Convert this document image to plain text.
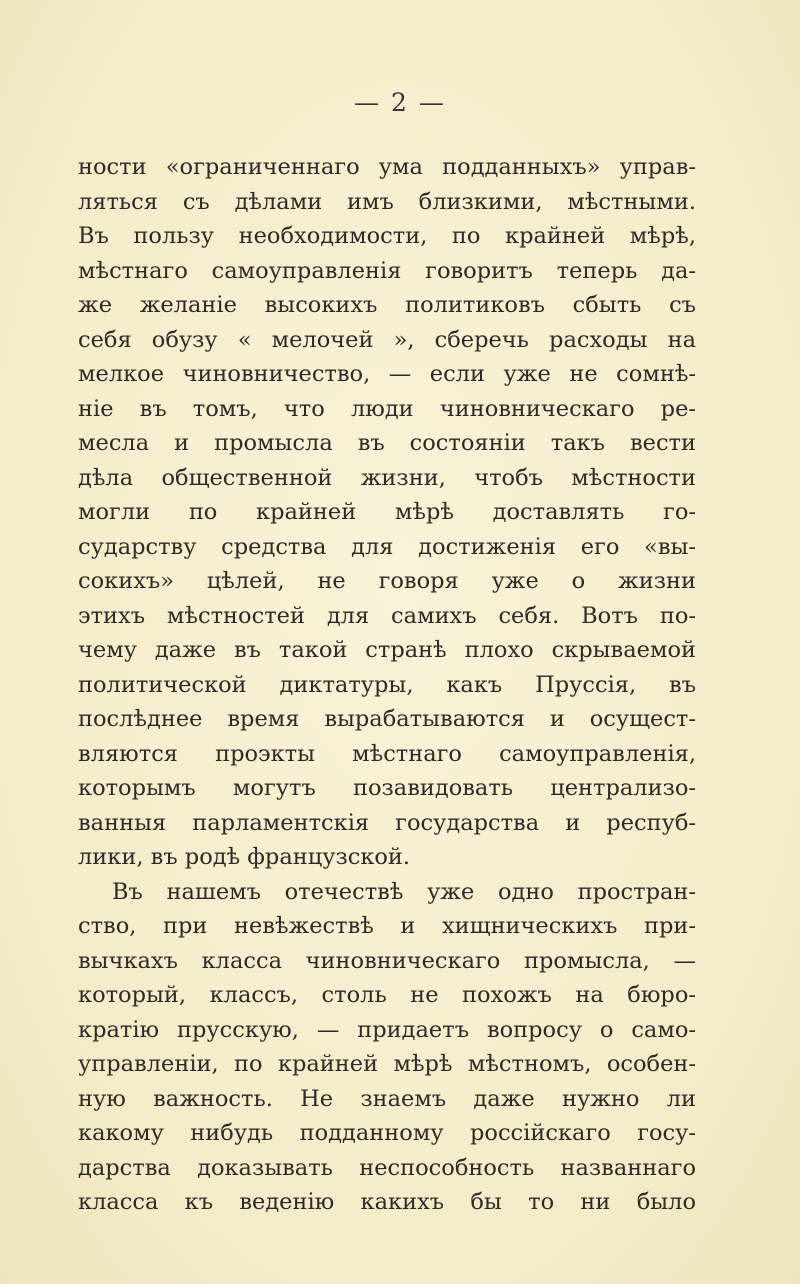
— 2 —
ности «ограниченнаго ума подданныхъ» управ-
ляться съ дѣлами имъ близкими, мѣстными.
Въ пользу необходимости, по крайней мѣрѣ,
мѣстнаго самоуправленія говоритъ теперь да-
же желаніе высокихъ политиковъ сбыть съ
себя обузу « мелочей », сберечь расходы на
мелкое чиновничество, — если уже не сомнѣ-
ніе въ томъ, что люди чиновническаго ре-
месла и промысла въ состояніи такъ вести
дѣла общественной жизни, чтобъ мѣстности
могли по крайней мѣрѣ доставлять го-
сударству средства для достиженія его «вы-
сокихъ» цѣлей, не говоря уже о жизни
этихъ мѣстностей для самихъ себя. Вотъ по-
чему даже въ такой странѣ плохо скрываемой
политической диктатуры, какъ Пруссія, въ
послѣднее время вырабатываются и осущест-
вляются проэкты мѣстнаго самоуправленія,
которымъ могутъ позавидовать централизо-
ванныя парламентскія государства и респуб-
лики, въ родѣ французской.
Въ нашемъ отечествѣ уже одно простран-
ство, при невѣжествѣ и хищническихъ при-
вычкахъ класса чиновническаго промысла, —
который, классъ, столь не похожъ на бюро-
кратію прусскую, — придаетъ вопросу о само-
управленіи, по крайней мѣрѣ мѣстномъ, особен-
ную важность. Не знаемъ даже нужно ли
какому нибудь подданному россійскаго госу-
дарства доказывать неспособность названнаго
класса къ веденію какихъ бы то ни было
